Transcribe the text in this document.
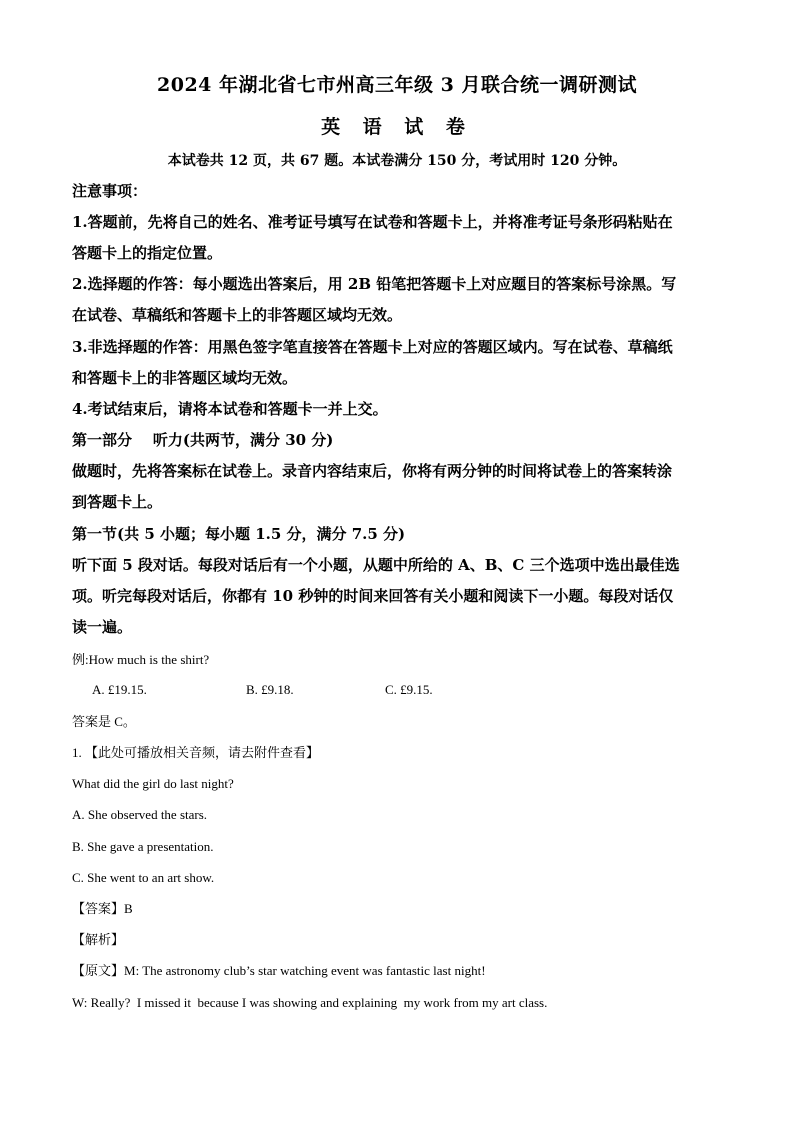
2024 年湖北省七市州高三年级 3 月联合统一调研测试
英 语 试 卷
本试卷共 12 页，共 67 题。本试卷满分 150 分，考试用时 120 分钟。
注意事项：
1.答题前，先将自己的姓名、准考证号填写在试卷和答题卡上，并将准考证号条形码粘贴在
答题卡上的指定位置。
2.选择题的作答：每小题选出答案后，用 2B 铅笔把答题卡上对应题目的答案标号涂黑。写
在试卷、草稿纸和答题卡上的非答题区域均无效。
3.非选择题的作答：用黑色签字笔直接答在答题卡上对应的答题区域内。写在试卷、草稿纸
和答题卡上的非答题区域均无效。
4.考试结束后，请将本试卷和答题卡一并上交。
第一部分    听力(共两节，满分 30 分)
做题时，先将答案标在试卷上。录音内容结束后，你将有两分钟的时间将试卷上的答案转涂
到答题卡上。
第一节(共 5 小题；每小题 1.5 分，满分 7.5 分)
听下面 5 段对话。每段对话后有一个小题，从题中所给的 A、B、C 三个选项中选出最佳选
项。听完每段对话后，你都有 10 秒钟的时间来回答有关小题和阅读下一小题。每段对话仅
读一遍。
例:How much is the shirt?
A. £19.15.	B. £9.18.	C. £9.15.
答案是 C。
1. 【此处可播放相关音频，请去附件查看】
What did the girl do last night?
A. She observed the stars.
B. She gave a presentation.
C. She went to an art show.
【答案】B
【解析】
【原文】M: The astronomy club’s star watching event was fantastic last night!
W: Really?  I missed it  because I was showing and explaining  my work from my art class.
